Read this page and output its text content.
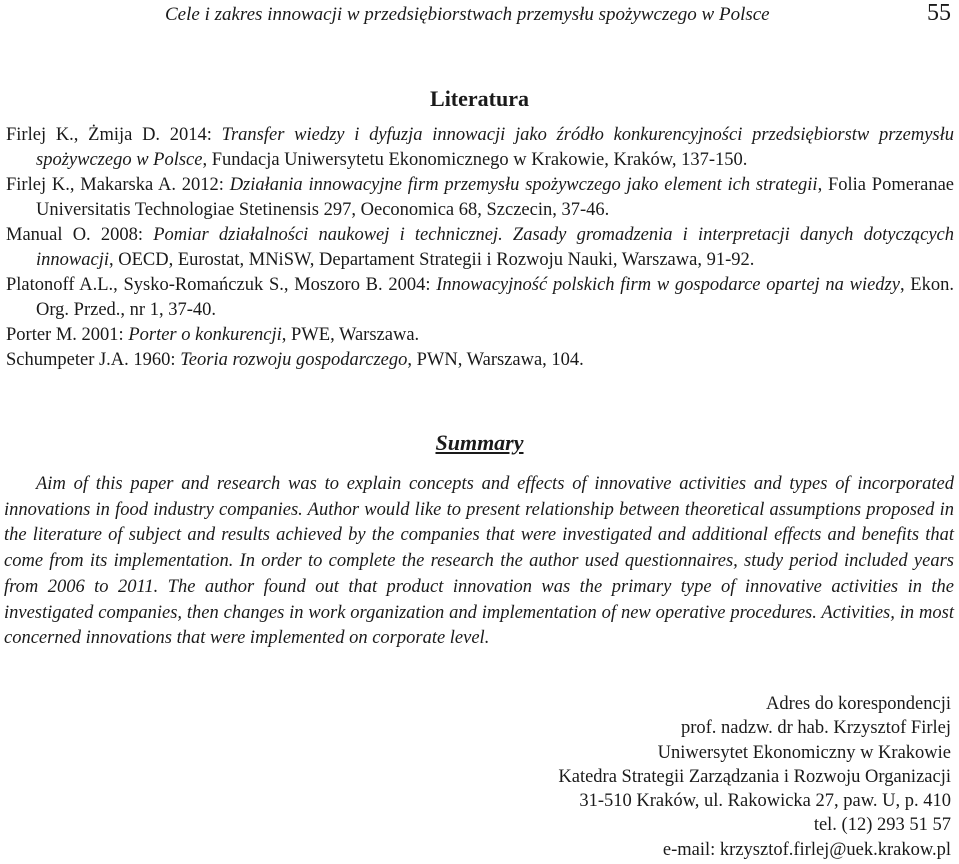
Cele i zakres innowacji w przedsiębiorstwach przemysłu spożywczego w Polsce	55
Literatura
Firlej K., Żmija D. 2014: Transfer wiedzy i dyfuzja innowacji jako źródło konkurencyjności przedsiębiorstw przemysłu spożywczego w Polsce, Fundacja Uniwersytetu Ekonomicznego w Krakowie, Kraków, 137-150.
Firlej K., Makarska A. 2012: Działania innowacyjne firm przemysłu spożywczego jako element ich strategii, Folia Pomeranae Universitatis Technologiae Stetinensis 297, Oeconomica 68, Szczecin, 37-46.
Manual O. 2008: Pomiar działalności naukowej i technicznej. Zasady gromadzenia i interpretacji danych dotyczących innowacji, OECD, Eurostat, MNiSW, Departament Strategii i Rozwoju Nauki, Warszawa, 91-92.
Platonoff A.L., Sysko-Romańczuk S., Moszoro B. 2004: Innowacyjność polskich firm w gospodarce opartej na wiedzy, Ekon. Org. Przed., nr 1, 37-40.
Porter M. 2001: Porter o konkurencji, PWE, Warszawa.
Schumpeter J.A. 1960: Teoria rozwoju gospodarczego, PWN, Warszawa, 104.
Summary
Aim of this paper and research was to explain concepts and effects of innovative activities and types of incorporated innovations in food industry companies. Author would like to present relationship between theoretical assumptions proposed in the literature of subject and results achieved by the companies that were investigated and additional effects and benefits that come from its implementation. In order to complete the research the author used questionnaires, study period included years from 2006 to 2011. The author found out that product innovation was the primary type of innovative activities in the investigated companies, then changes in work organization and implementation of new operative procedures. Activities, in most concerned innovations that were implemented on corporate level.
Adres do korespondencji
prof. nadzw. dr hab. Krzysztof Firlej
Uniwersytet Ekonomiczny w Krakowie
Katedra Strategii Zarządzania i Rozwoju Organizacji
31-510 Kraków, ul. Rakowicka 27, paw. U, p. 410
tel. (12) 293 51 57
e-mail: krzysztof.firlej@uek.krakow.pl
